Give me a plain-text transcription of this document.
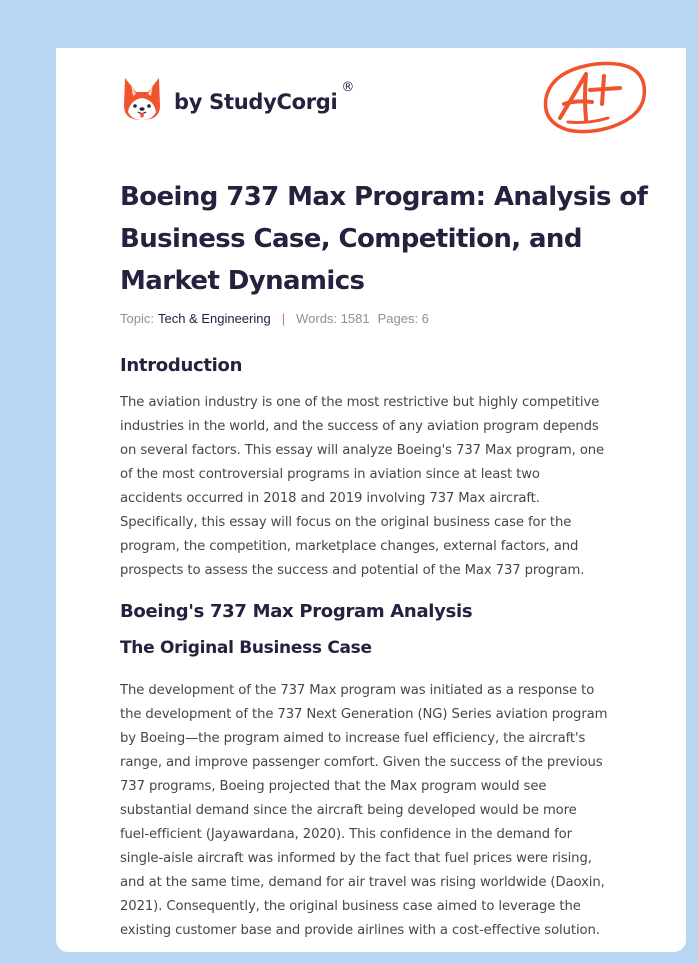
by StudyCorgi
®
Boeing 737 Max Program: Analysis of Business Case, Competition, and Market Dynamics
Topic: Tech & Engineering | Words: 1581 Pages: 6
Introduction
The aviation industry is one of the most restrictive but highly competitive
industries in the world, and the success of any aviation program depends
on several factors. This essay will analyze Boeing's 737 Max program, one
of the most controversial programs in aviation since at least two
accidents occurred in 2018 and 2019 involving 737 Max aircraft.
Specifically, this essay will focus on the original business case for the
program, the competition, marketplace changes, external factors, and
prospects to assess the success and potential of the Max 737 program.
Boeing's 737 Max Program Analysis
The Original Business Case
The development of the 737 Max program was initiated as a response to
the development of the 737 Next Generation (NG) Series aviation program
by Boeing—the program aimed to increase fuel efficiency, the aircraft's
range, and improve passenger comfort. Given the success of the previous
737 programs, Boeing projected that the Max program would see
substantial demand since the aircraft being developed would be more
fuel-efficient (Jayawardana, 2020). This confidence in the demand for
single-aisle aircraft was informed by the fact that fuel prices were rising,
and at the same time, demand for air travel was rising worldwide (Daoxin,
2021). Consequently, the original business case aimed to leverage the
existing customer base and provide airlines with a cost-effective solution.
